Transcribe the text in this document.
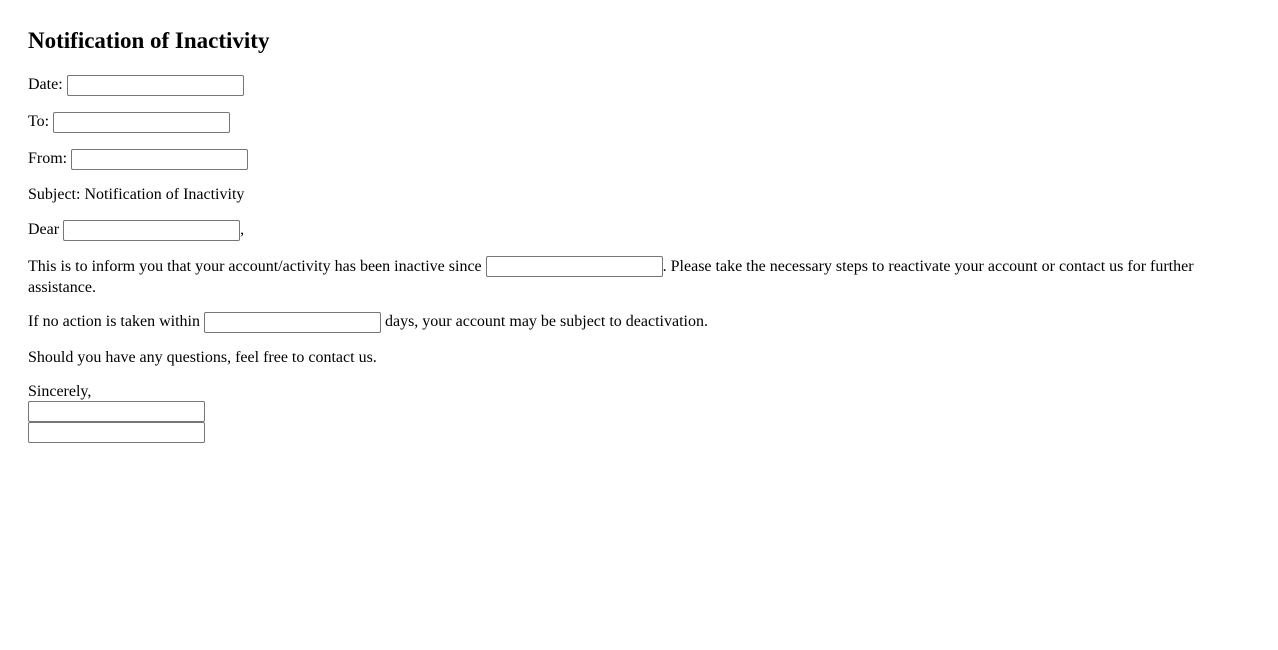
Notification of Inactivity
Date:
To:
From:
Subject: Notification of Inactivity
Dear	,
This is to inform you that your account/activity has been inactive since	. Please take the necessary steps to reactivate your account or contact us for further assistance.
If no action is taken within	days, your account may be subject to deactivation.
Should you have any questions, feel free to contact us.
Sincerely,
